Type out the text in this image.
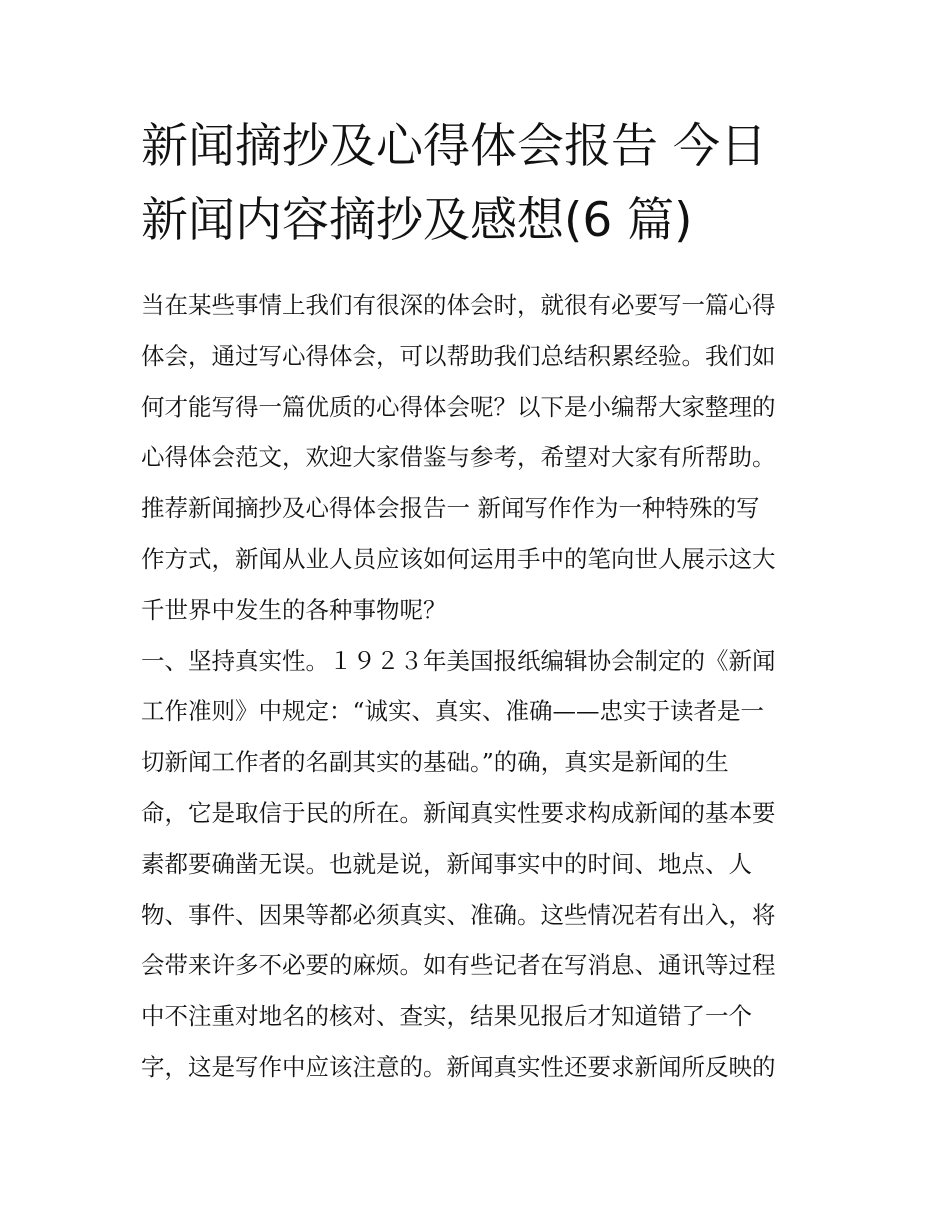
新闻摘抄及心得体会报告 今日
新闻内容摘抄及感想(6 篇)
当在某些事情上我们有很深的体会时，就很有必要写一篇心得
体会，通过写心得体会，可以帮助我们总结积累经验。我们如
何才能写得一篇优质的心得体会呢？以下是小编帮大家整理的
心得体会范文，欢迎大家借鉴与参考，希望对大家有所帮助。
推荐新闻摘抄及心得体会报告一 新闻写作作为一种特殊的写
作方式，新闻从业人员应该如何运用手中的笔向世人展示这大
千世界中发生的各种事物呢？
一、坚持真实性。１９２３年美国报纸编辑协会制定的《新闻
工作准则》中规定：“诚实、真实、准确——忠实于读者是一
切新闻工作者的名副其实的基础。”的确，真实是新闻的生
命，它是取信于民的所在。新闻真实性要求构成新闻的基本要
素都要确凿无误。也就是说，新闻事实中的时间、地点、人
物、事件、因果等都必须真实、准确。这些情况若有出入，将
会带来许多不必要的麻烦。如有些记者在写消息、通讯等过程
中不注重对地名的核对、查实，结果见报后才知道错了一个
字，这是写作中应该注意的。新闻真实性还要求新闻所反映的
